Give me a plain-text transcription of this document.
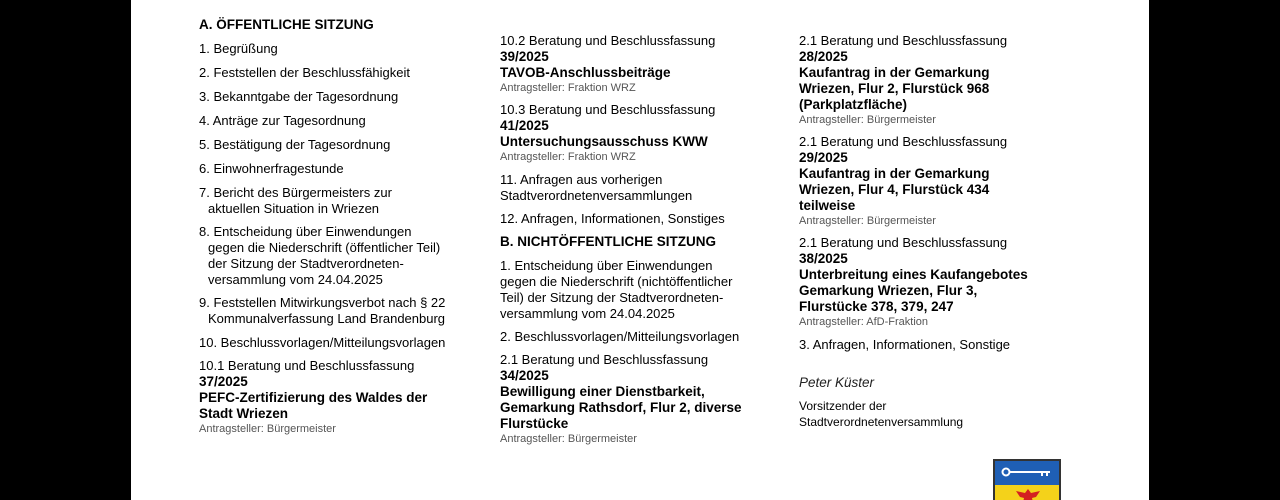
A. ÖFFENTLICHE SITZUNG
1. Begrüßung
2. Feststellen der Beschlussfähigkeit
3. Bekanntgabe der Tagesordnung
4. Anträge zur Tagesordnung
5. Bestätigung der Tagesordnung
6. Einwohnerfragestunde
7. Bericht des Bürgermeisters zur
aktuellen Situation in Wriezen
8. Entscheidung über Einwendungen
gegen die Niederschrift (öffentlicher Teil)
der Sitzung der Stadtverordneten-
versammlung vom 24.04.2025
9. Feststellen Mitwirkungsverbot nach § 22
Kommunalverfassung Land Brandenburg
10. Beschlussvorlagen/Mitteilungsvorlagen
10.1 Beratung und Beschlussfassung
37/2025
PEFC-Zertifizierung des Waldes der
Stadt Wriezen
Antragsteller: Bürgermeister
10.2 Beratung und Beschlussfassung
39/2025
TAVOB-Anschlussbeiträge
Antragsteller: Fraktion WRZ
10.3 Beratung und Beschlussfassung
41/2025
Untersuchungsausschuss KWW
Antragsteller: Fraktion WRZ
11. Anfragen aus vorherigen
Stadtverordnetenversammlungen
12. Anfragen, Informationen, Sonstiges
B. NICHTÖFFENTLICHE SITZUNG
1. Entscheidung über Einwendungen
gegen die Niederschrift (nichtöffentlicher
Teil) der Sitzung der Stadtverordneten-
versammlung vom 24.04.2025
2. Beschlussvorlagen/Mitteilungsvorlagen
2.1 Beratung und Beschlussfassung
34/2025
Bewilligung einer Dienstbarkeit,
Gemarkung Rathsdorf, Flur 2, diverse
Flurstücke
Antragsteller: Bürgermeister
2.1 Beratung und Beschlussfassung
28/2025
Kaufantrag in der Gemarkung
Wriezen, Flur 2, Flurstück 968
(Parkplatzfläche)
Antragsteller: Bürgermeister
2.1 Beratung und Beschlussfassung
29/2025
Kaufantrag in der Gemarkung
Wriezen, Flur 4, Flurstück 434
teilweise
Antragsteller: Bürgermeister
2.1 Beratung und Beschlussfassung
38/2025
Unterbreitung eines Kaufangebotes
Gemarkung Wriezen, Flur 3,
Flurstücke 378, 379, 247
Antragsteller: AfD-Fraktion
3. Anfragen, Informationen, Sonstige
Peter Küster
Vorsitzender der
Stadtverordnetenversammlung
